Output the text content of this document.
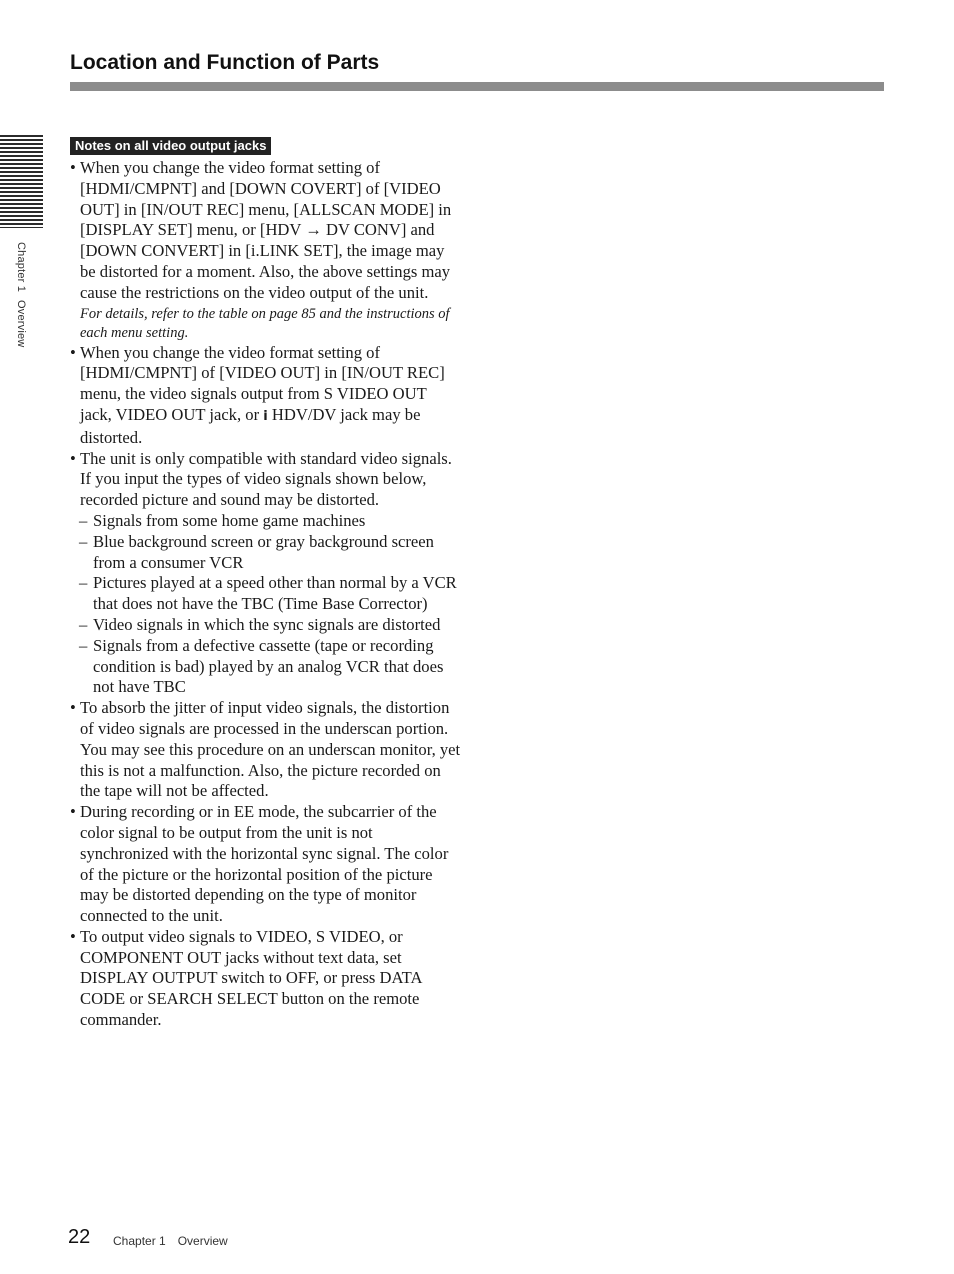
Location and Function of Parts
Chapter 1Overview
Notes on all video output jacks
• When you change the video format setting of [HDMI/CMPNT] and [DOWN COVERT] of [VIDEO OUT] in [IN/OUT REC] menu, [ALLSCAN MODE] in [DISPLAY SET] menu, or [HDV → DV CONV] and [DOWN CONVERT] in [i.LINK SET], the image may be distorted for a moment. Also, the above settings may cause the restrictions on the video output of the unit.
For details, refer to the table on page 85 and the instructions of each menu setting.
• When you change the video format setting of [HDMI/CMPNT] of [VIDEO OUT] in [IN/OUT REC] menu, the video signals output from S VIDEO OUT jack, VIDEO OUT jack, or i HDV/DV jack may be distorted.
• The unit is only compatible with standard video signals. If you input the types of video signals shown below, recorded picture and sound may be distorted.
– Signals from some home game machines
– Blue background screen or gray background screen from a consumer VCR
– Pictures played at a speed other than normal by a VCR that does not have the TBC (Time Base Corrector)
– Video signals in which the sync signals are distorted
– Signals from a defective cassette (tape or recording condition is bad) played by an analog VCR that does not have TBC
• To absorb the jitter of input video signals, the distortion of video signals are processed in the underscan portion. You may see this procedure on an underscan monitor, yet this is not a malfunction. Also, the picture recorded on the tape will not be affected.
• During recording or in EE mode, the subcarrier of the color signal to be output from the unit is not synchronized with the horizontal sync signal. The color of the picture or the horizontal position of the picture may be distorted depending on the type of monitor connected to the unit.
• To output video signals to VIDEO, S VIDEO, or COMPONENT OUT jacks without text data, set DISPLAY OUTPUT switch to OFF, or press DATA CODE or SEARCH SELECT button on the remote commander.
22 Chapter 1 Overview
